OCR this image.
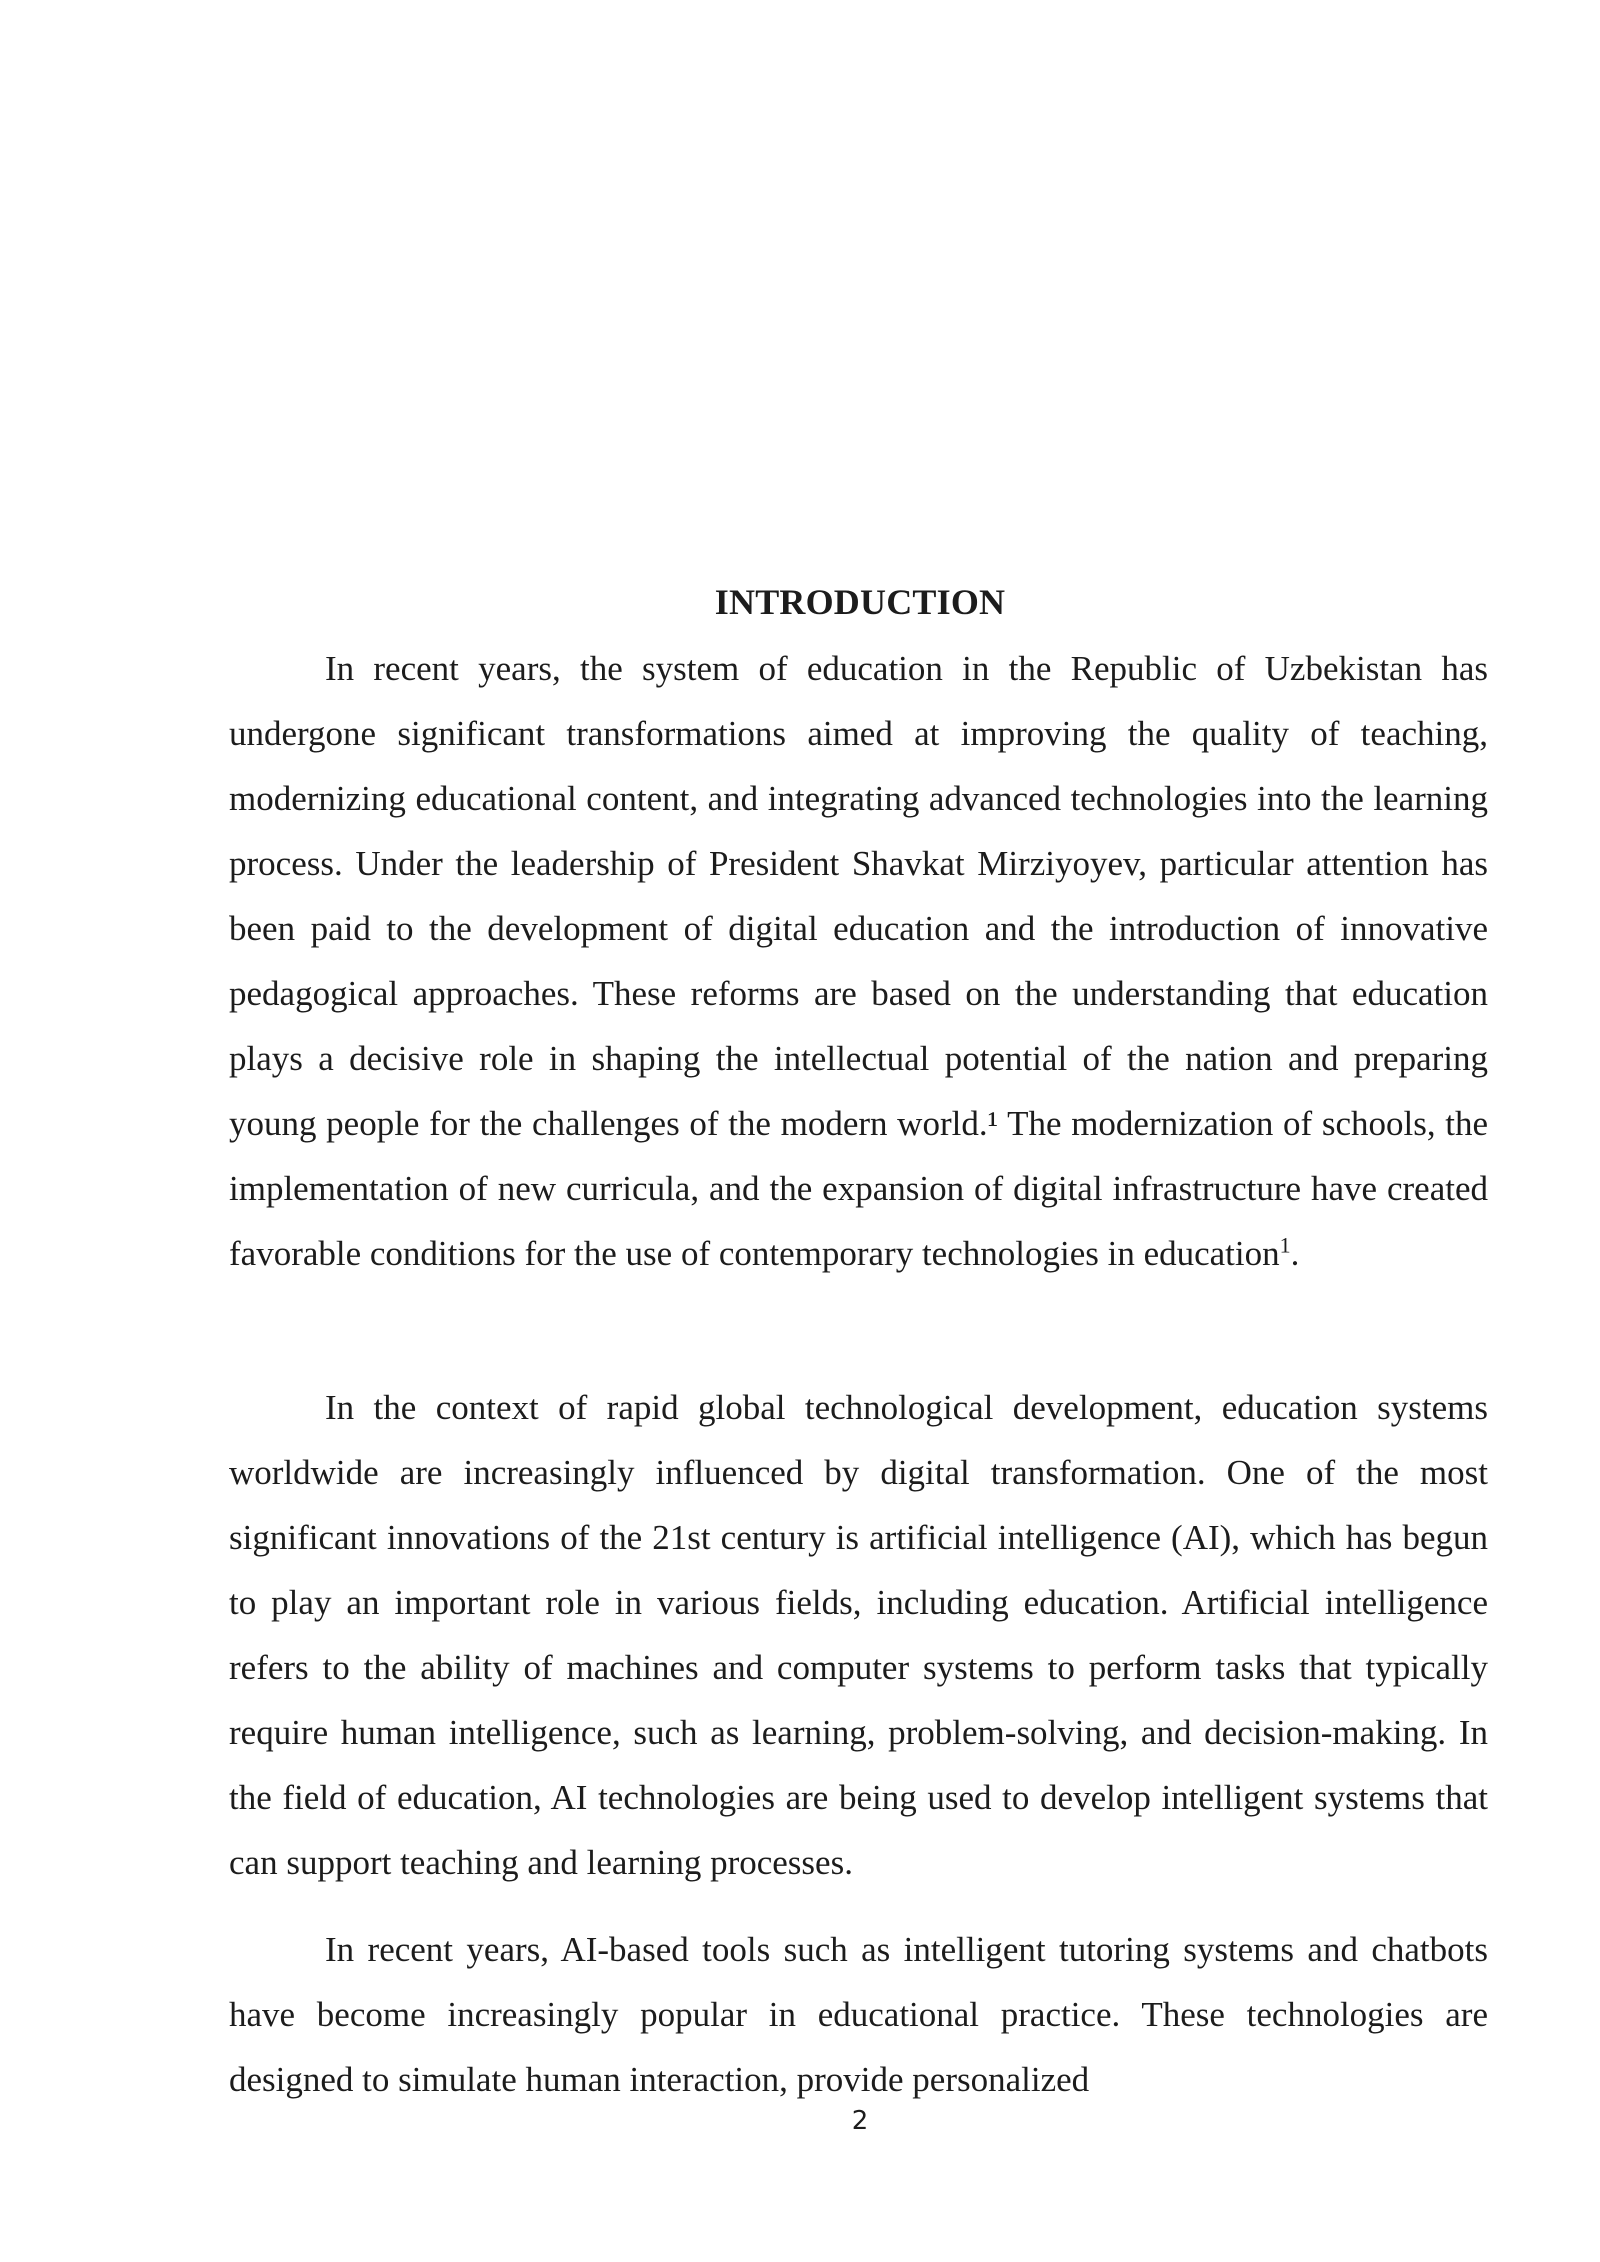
INTRODUCTION

In recent years, the system of education in the Republic of Uzbekistan has undergone significant transformations aimed at improving the quality of teaching, modernizing educational content, and integrating advanced technologies into the learning process. Under the leadership of President Shavkat Mirziyoyev, particular attention has been paid to the development of digital education and the introduction of innovative pedagogical approaches. These reforms are based on the understanding that education plays a decisive role in shaping the intellectual potential of the nation and preparing young people for the challenges of the modern world.¹ The modernization of schools, the implementation of new curricula, and the expansion of digital infrastructure have created favorable conditions for the use of contemporary technologies in education$^1$.

In the context of rapid global technological development, education systems worldwide are increasingly influenced by digital transformation. One of the most significant innovations of the 21st century is artificial intelligence (AI), which has begun to play an important role in various fields, including education. Artificial intelligence refers to the ability of machines and computer systems to perform tasks that typically require human intelligence, such as learning, problem-solving, and decision-making. In the field of education, AI technologies are being used to develop intelligent systems that can support teaching and learning processes.

In recent years, AI-based tools such as intelligent tutoring systems and chatbots have become increasingly popular in educational practice. These technologies are designed to simulate human interaction, provide personalized

2
